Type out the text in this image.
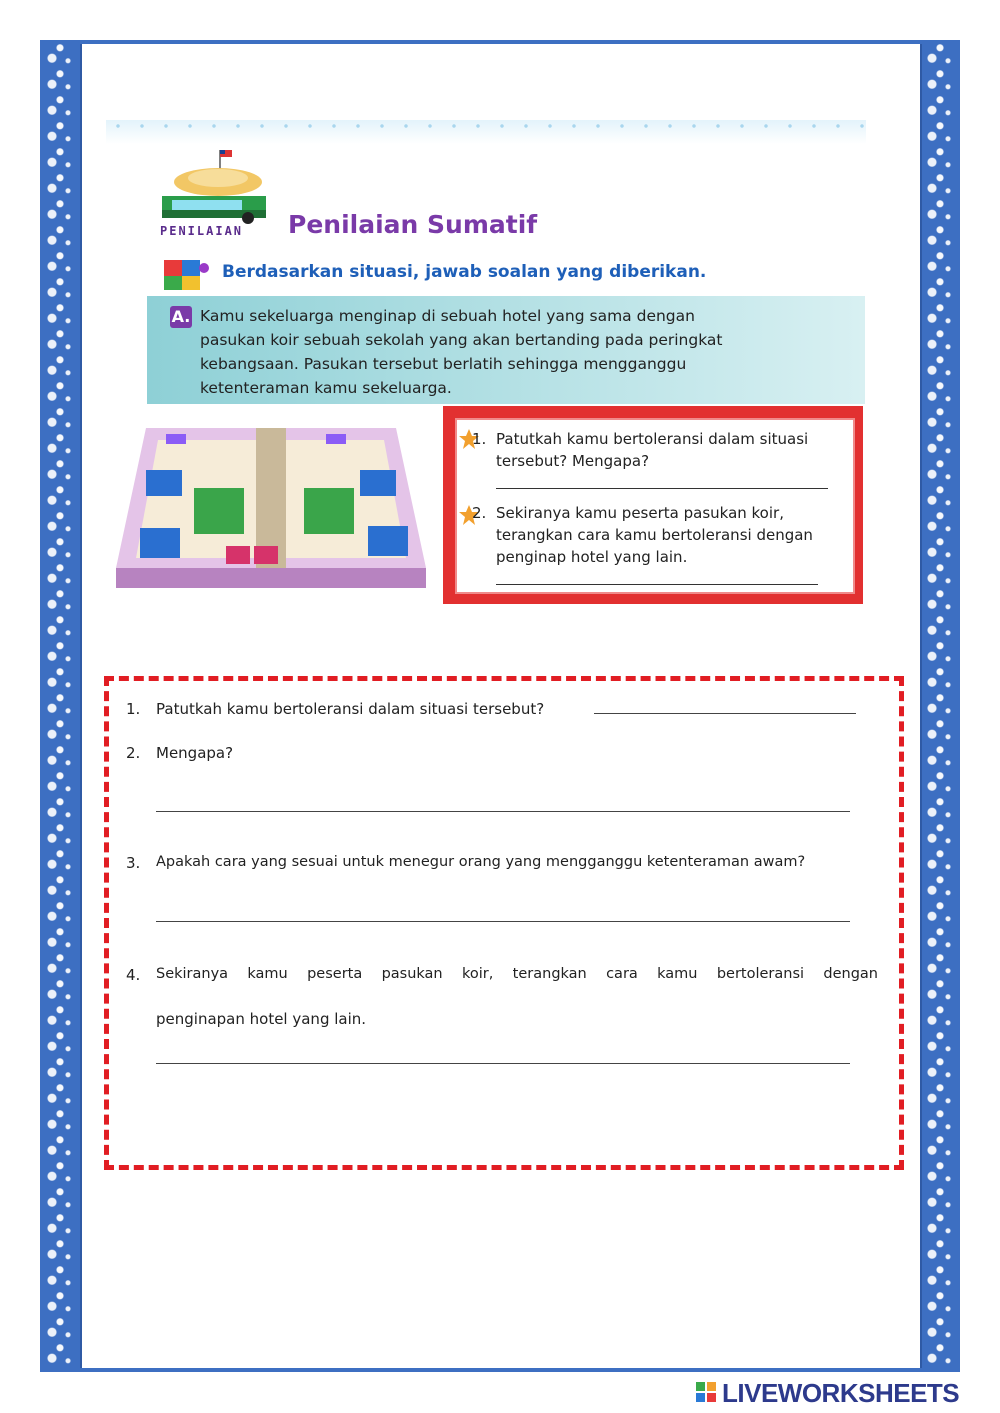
PENILAIAN Penilaian Sumatif
Berdasarkan situasi, jawab soalan yang diberikan.
A. Kamu sekeluarga menginap di sebuah hotel yang sama dengan
pasukan koir sebuah sekolah yang akan bertanding pada peringkat
kebangsaan. Pasukan tersebut berlatih sehingga mengganggu
ketenteraman kamu sekeluarga.
1. Patutkah kamu bertoleransi dalam situasi
tersebut? Mengapa?
2. Sekiranya kamu peserta pasukan koir,
terangkan cara kamu bertoleransi dengan
penginap hotel yang lain.
1. Patutkah kamu bertoleransi dalam situasi tersebut?
2. Mengapa?
3. Apakah cara yang sesuai untuk menegur orang yang mengganggu ketenteraman awam?
4. Sekiranya kamu peserta pasukan koir, terangkan cara kamu bertoleransi dengan
penginapan hotel yang lain.
LIVEWORKSHEETS
